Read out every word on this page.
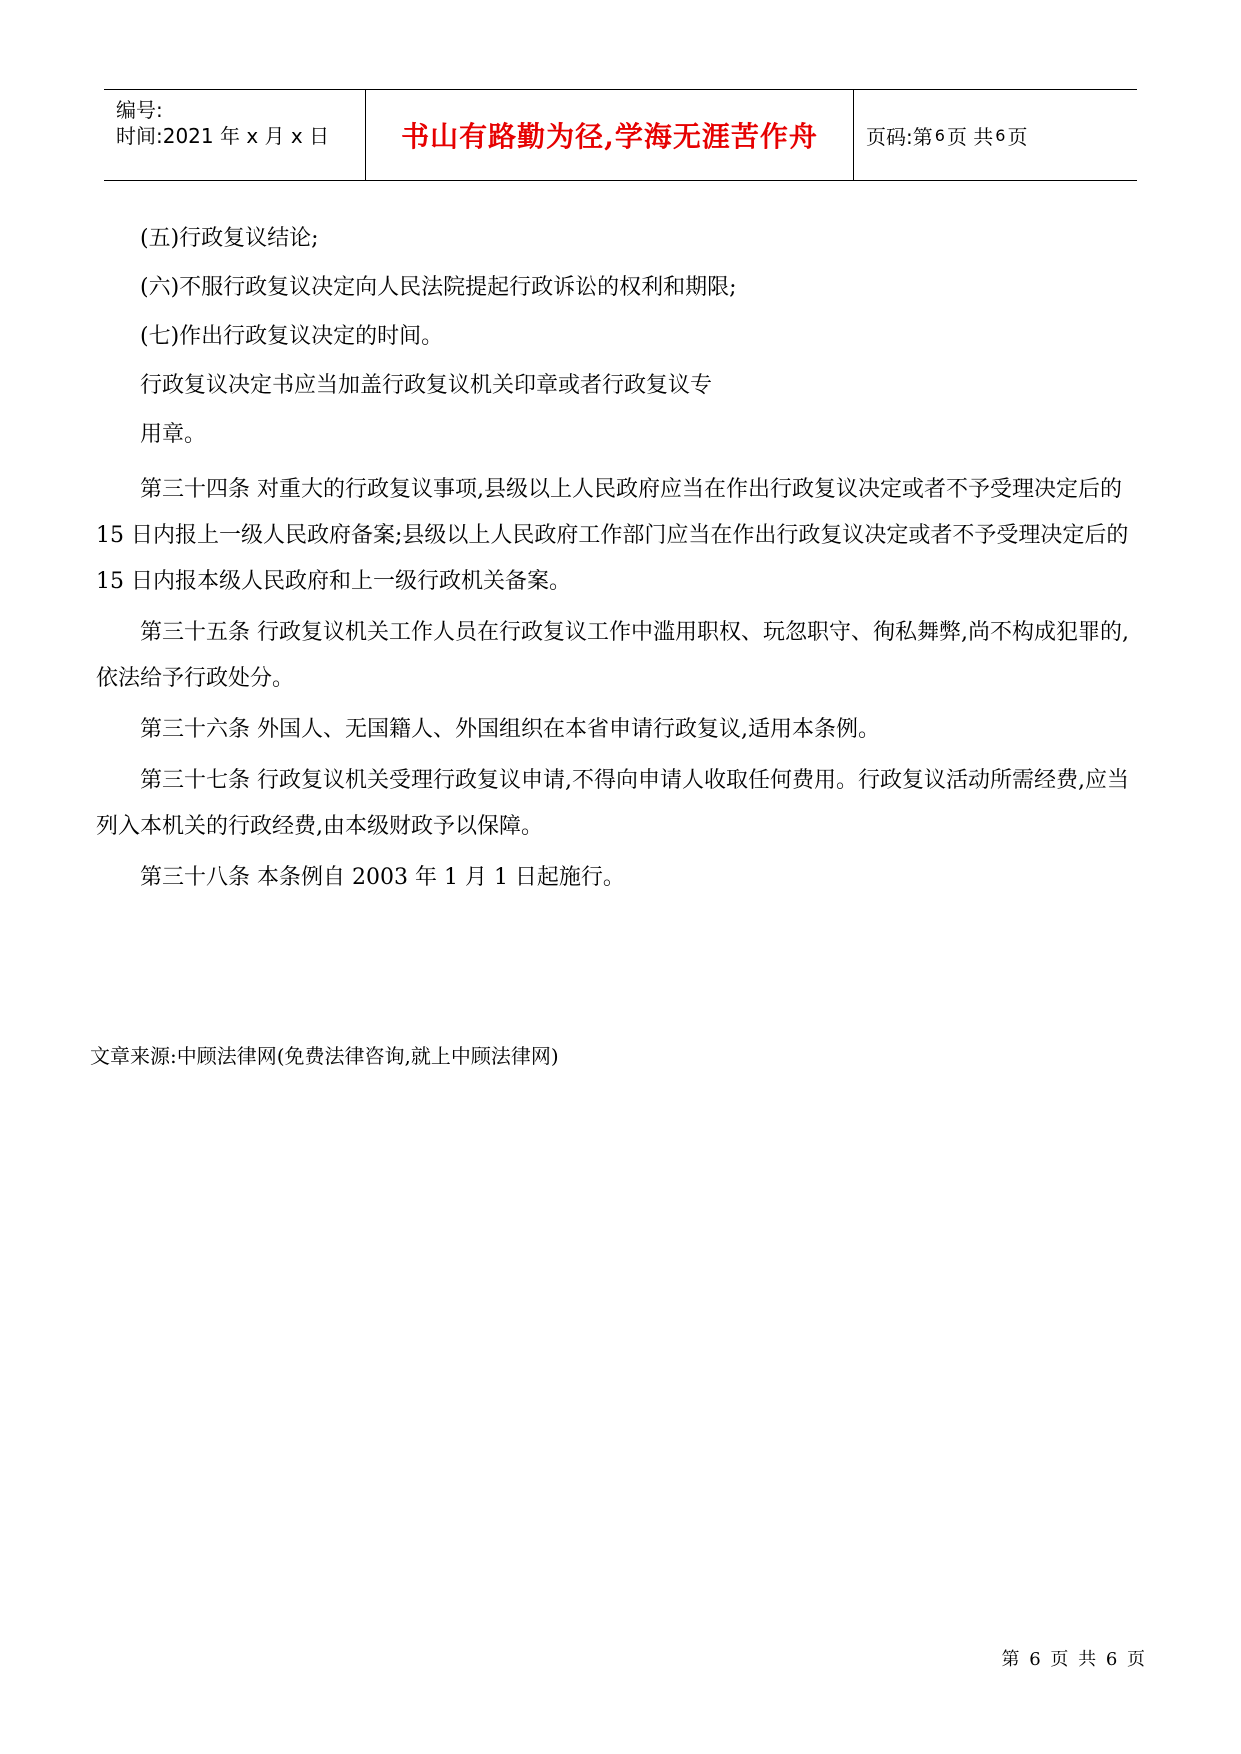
编号:
时间:2021 年 x 月 x 日	书山有路勤为径,学海无涯苦作舟 页码:第 6 页 共 6 页
(五)行政复议结论;
(六)不服行政复议决定向人民法院提起行政诉讼的权利和期限;
(七)作出行政复议决定的时间。
行政复议决定书应当加盖行政复议机关印章或者行政复议专
用章。
第三十四条 对重大的行政复议事项,县级以上人民政府应当在作出行政复议决定或者不予受理决定后的 15 日内报上一级人民政府备案;县级以上人民政府工作部门应当在作出行政复议决定或者不予受理决定后的 15 日内报本级人民政府和上一级行政机关备案。
第三十五条 行政复议机关工作人员在行政复议工作中滥用职权、玩忽职守、徇私舞弊,尚不构成犯罪的,依法给予行政处分。
第三十六条 外国人、无国籍人、外国组织在本省申请行政复议,适用本条例。
第三十七条 行政复议机关受理行政复议申请,不得向申请人收取任何费用。行政复议活动所需经费,应当列入本机关的行政经费,由本级财政予以保障。
第三十八条 本条例自 2003 年 1 月 1 日起施行。
文章来源:中顾法律网(免费法律咨询,就上中顾法律网)
第 6 页 共 6 页
